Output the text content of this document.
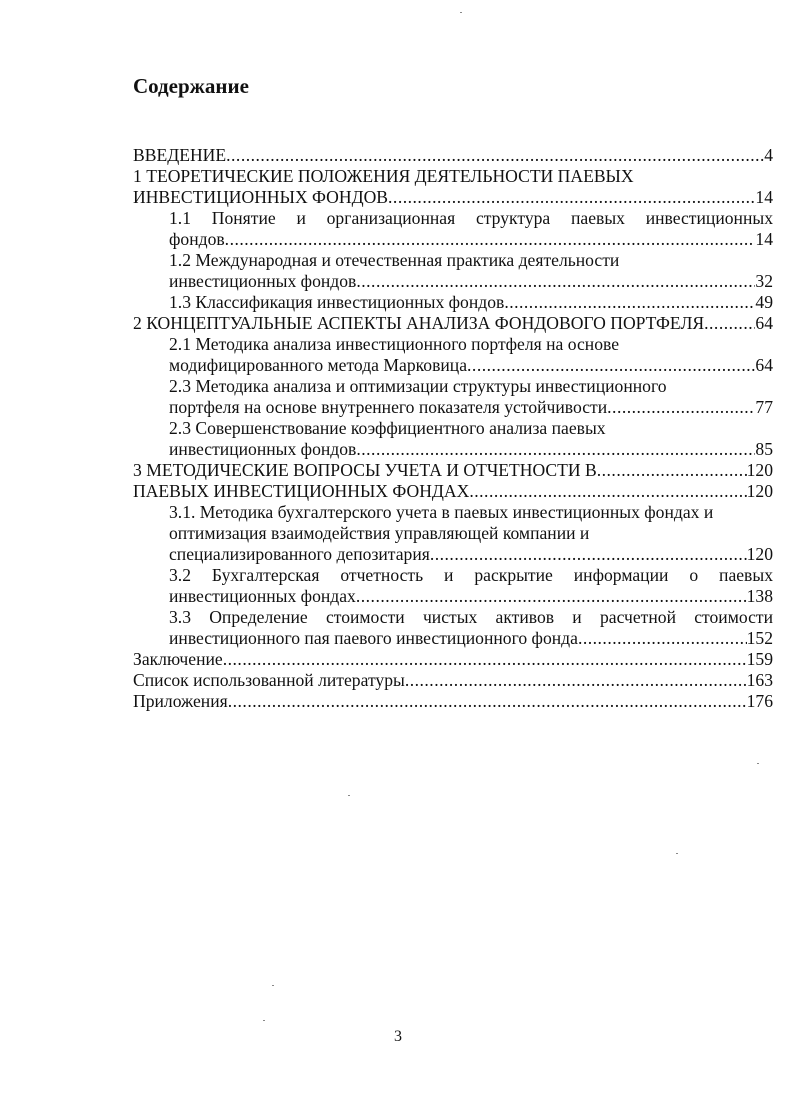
Содержание
ВВЕДЕНИЕ .....	4
1 ТЕОРЕТИЧЕСКИЕ ПОЛОЖЕНИЯ ДЕЯТЕЛЬНОСТИ ПАЕВЫХ
ИНВЕСТИЦИОННЫХ ФОНДОВ .....	14
1.1 Понятие и организационная структура паевых инвестиционных
фондов .....	14
1.2 Международная и отечественная практика деятельности
инвестиционных фондов .....	32
1.3 Классификация инвестиционных фондов .....	49
2 КОНЦЕПТУАЛЬНЫЕ АСПЕКТЫ АНАЛИЗА ФОНДОВОГО ПОРТФЕЛЯ .....	64
2.1 Методика анализа инвестиционного портфеля на основе
модифицированного метода Марковица .....	64
2.3 Методика анализа и оптимизации структуры инвестиционного
портфеля на основе внутреннего показателя устойчивости .....	77
2.3 Совершенствование коэффициентного анализа паевых
инвестиционных фондов .....	85
3 МЕТОДИЧЕСКИЕ ВОПРОСЫ УЧЕТА И ОТЧЕТНОСТИ В .....	120
ПАЕВЫХ ИНВЕСТИЦИОННЫХ ФОНДАХ .....	120
3.1. Методика бухгалтерского учета в паевых инвестиционных фондах и
оптимизация взаимодействия управляющей компании и
специализированного депозитария .....	120
3.2 Бухгалтерская отчетность и раскрытие информации о паевых
инвестиционных фондах .....	138
3.3 Определение стоимости чистых активов и расчетной стоимости
инвестиционного пая паевого инвестиционного фонда .....	152
Заключение .....	159
Список использованной литературы .....	163
Приложения .....	176
3
